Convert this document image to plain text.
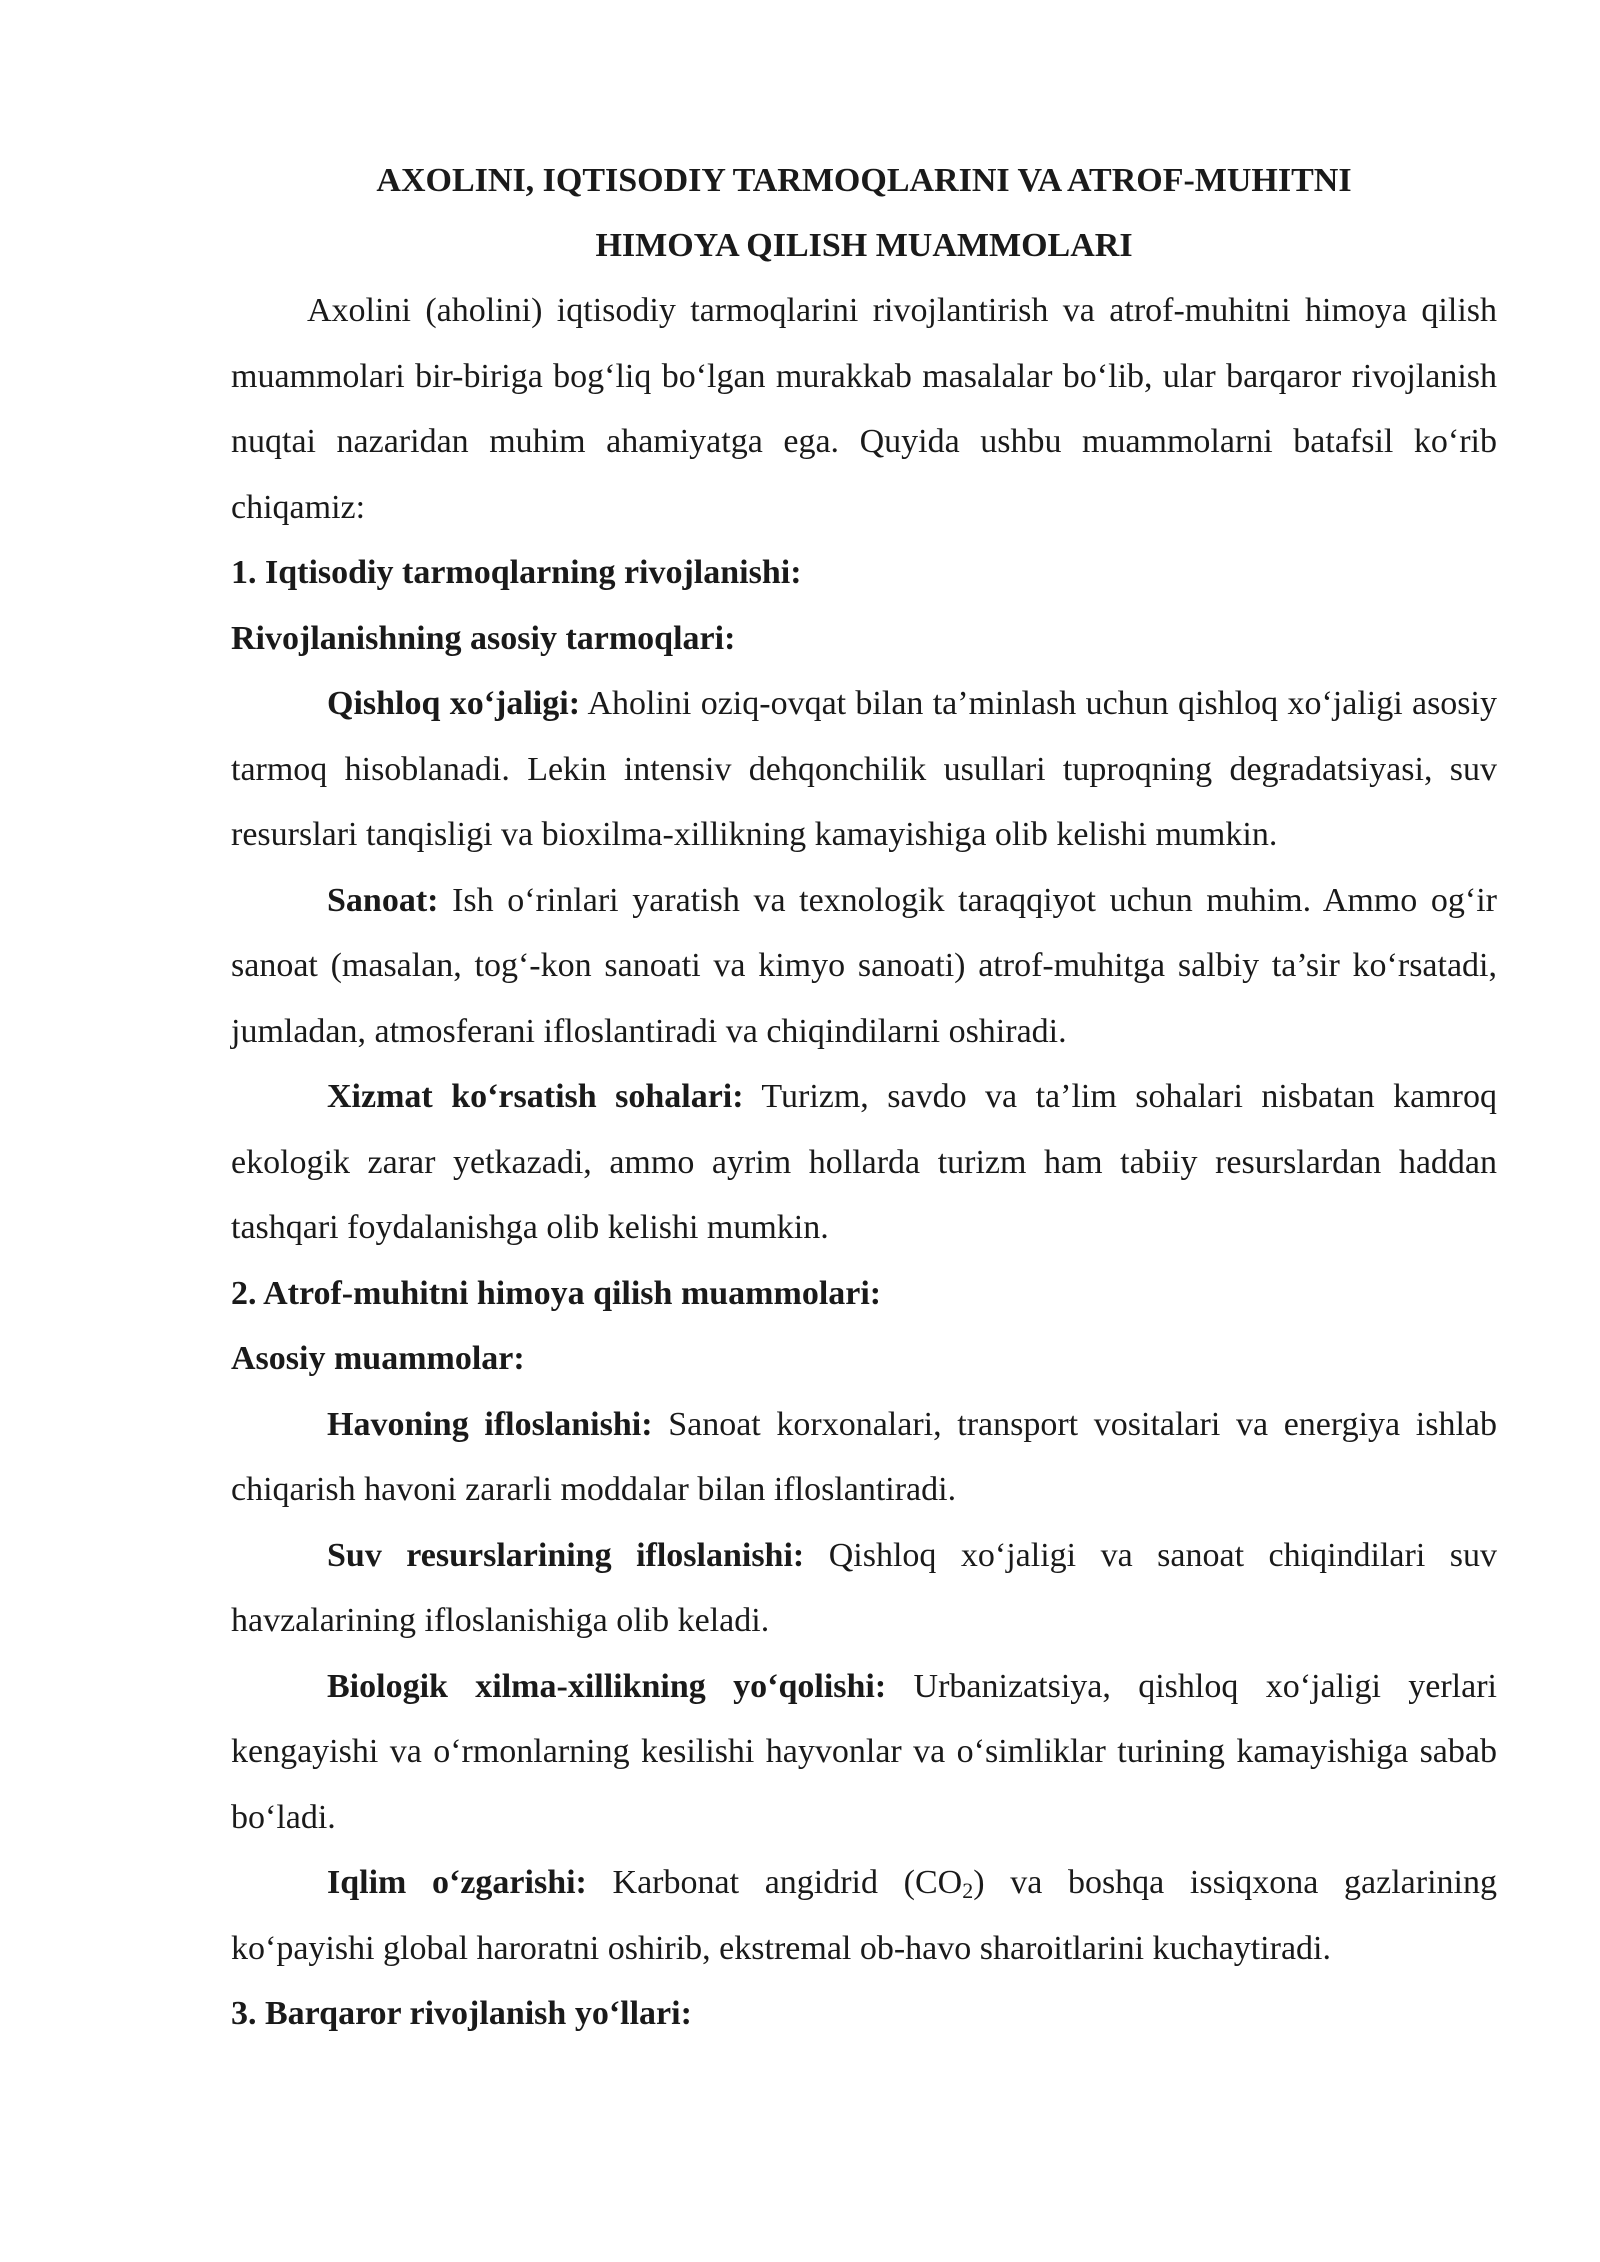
AXOLINI, IQTISODIY TARMOQLARINI VA ATROF-MUHITNI
HIMOYA QILISH MUAMMOLARI

Axolini (aholini) iqtisodiy tarmoqlarini rivojlantirish va atrof-muhitni himoya qilish muammolari bir-biriga bog‘liq bo‘lgan murakkab masalalar bo‘lib, ular barqaror rivojlanish nuqtai nazaridan muhim ahamiyatga ega. Quyida ushbu muammolarni batafsil ko‘rib chiqamiz:

1. Iqtisodiy tarmoqlarning rivojlanishi:

Rivojlanishning asosiy tarmoqlari:

Qishloq xo‘jaligi: Aholini oziq-ovqat bilan ta’minlash uchun qishloq xo‘jaligi asosiy tarmoq hisoblanadi. Lekin intensiv dehqonchilik usullari tuproqning degradatsiyasi, suv resurslari tanqisligi va bioxilma-xillikning kamayishiga olib kelishi mumkin.

Sanoat: Ish o‘rinlari yaratish va texnologik taraqqiyot uchun muhim. Ammo og‘ir sanoat (masalan, tog‘-kon sanoati va kimyo sanoati) atrof-muhitga salbiy ta’sir ko‘rsatadi, jumladan, atmosferani ifloslantiradi va chiqindilarni oshiradi.

Xizmat ko‘rsatish sohalari: Turizm, savdo va ta’lim sohalari nisbatan kamroq ekologik zarar yetkazadi, ammo ayrim hollarda turizm ham tabiiy resurslardan haddan tashqari foydalanishga olib kelishi mumkin.

2. Atrof-muhitni himoya qilish muammolari:

Asosiy muammolar:

Havoning ifloslanishi: Sanoat korxonalari, transport vositalari va energiya ishlab chiqarish havoni zararli moddalar bilan ifloslantiradi.

Suv resurslarining ifloslanishi: Qishloq xo‘jaligi va sanoat chiqindilari suv havzalarining ifloslanishiga olib keladi.

Biologik xilma-xillikning yo‘qolishi: Urbanizatsiya, qishloq xo‘jaligi yerlari kengayishi va o‘rmonlarning kesilishi hayvonlar va o‘simliklar turining kamayishiga sabab bo‘ladi.

Iqlim o‘zgarishi: Karbonat angidrid $(CO_2)$ va boshqa issiqxona gazlarining ko‘payishi global haroratni oshirib, ekstremal ob-havo sharoitlarini kuchaytiradi.

3. Barqaror rivojlanish yo‘llari:
